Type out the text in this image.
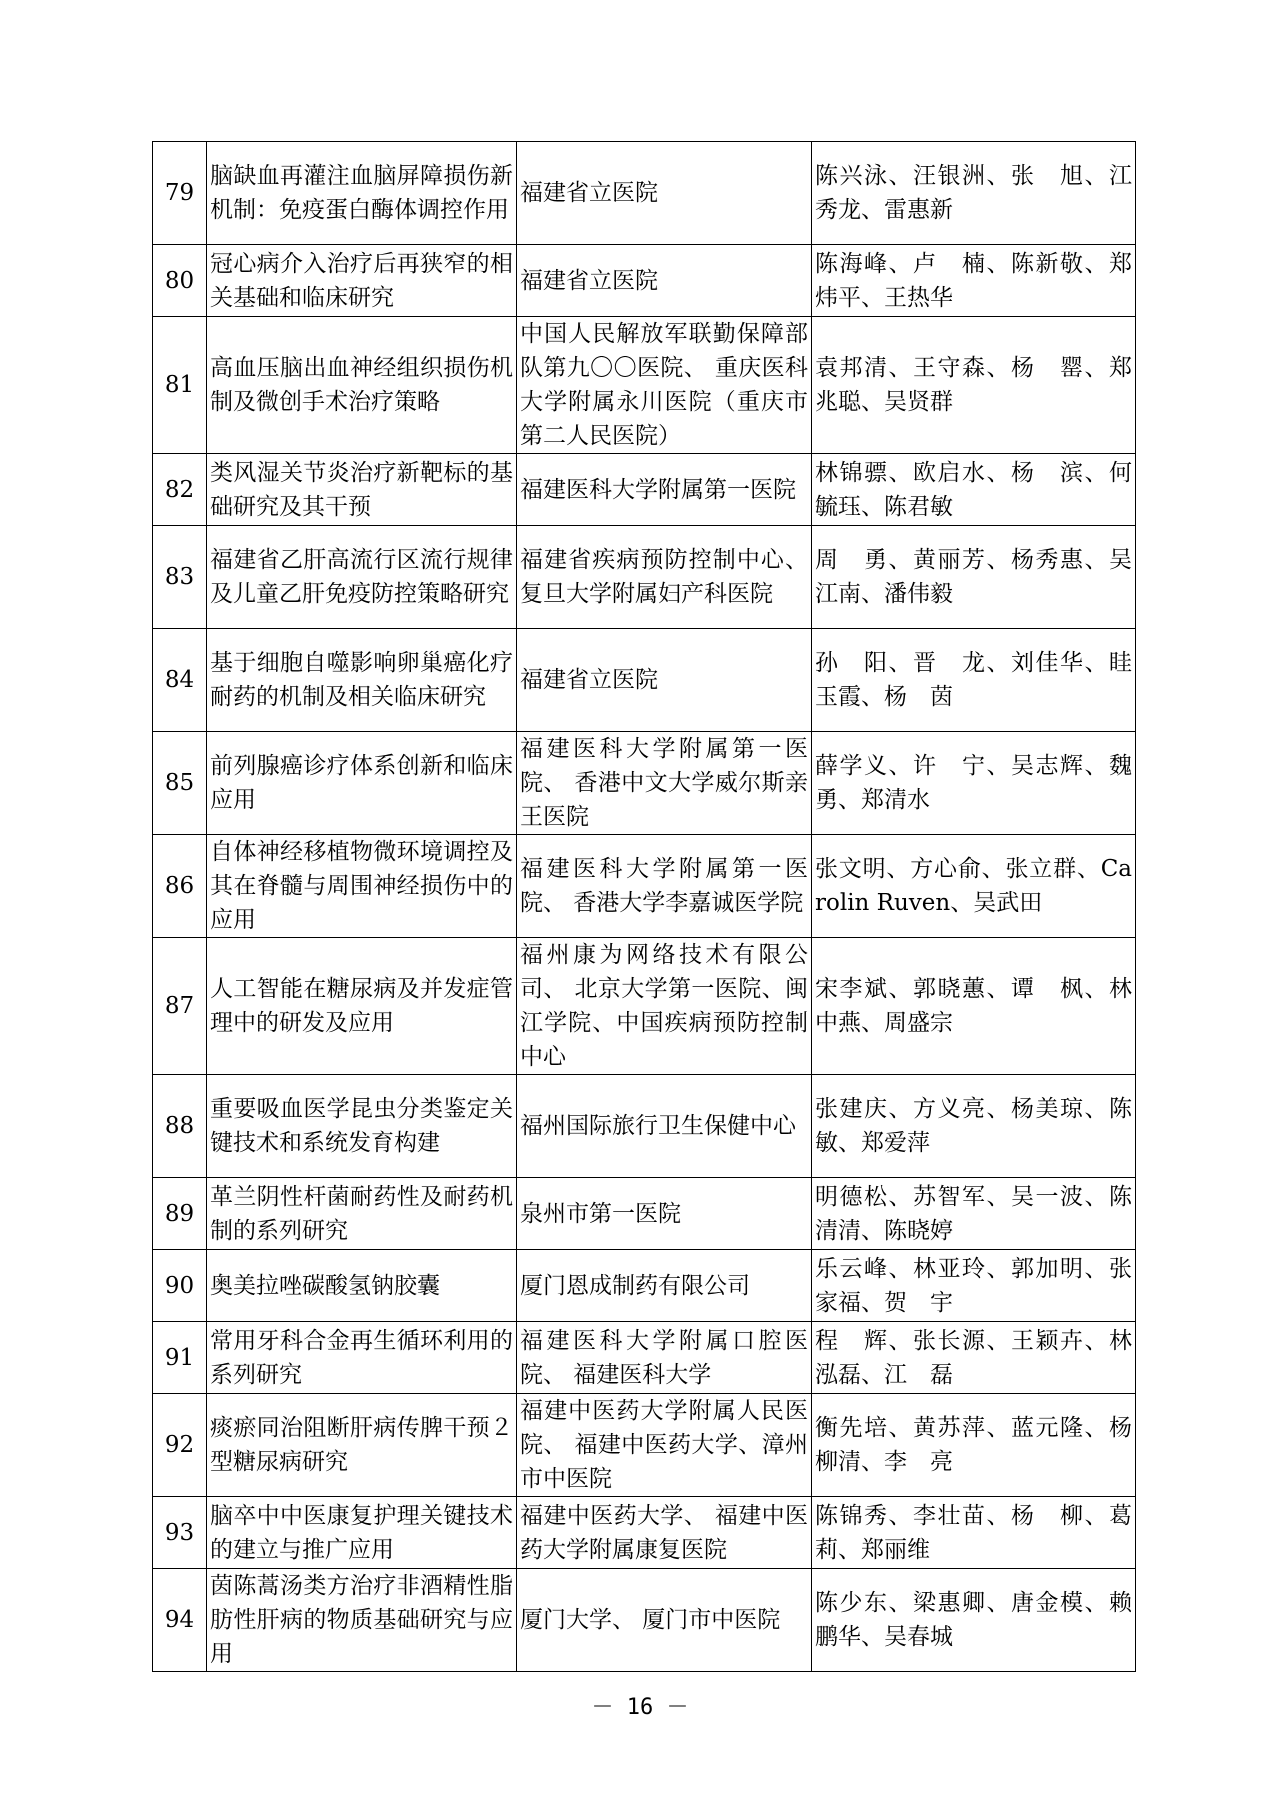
79	脑缺血再灌注血脑屏障损伤新机制：免疫蛋白酶体调控作用	福建省立医院	陈兴泳、汪银洲、张　旭、江秀龙、雷惠新
80	冠心病介入治疗后再狭窄的相关基础和临床研究	福建省立医院	陈海峰、卢　楠、陈新敬、郑炜平、王热华
81	高血压脑出血神经组织损伤机制及微创手术治疗策略	中国人民解放军联勤保障部队第九〇〇医院、 重庆医科大学附属永川医院（重庆市第二人民医院）	袁邦清、王守森、杨　罂、郑兆聪、吴贤群
82	类风湿关节炎治疗新靶标的基础研究及其干预	福建医科大学附属第一医院	林锦骠、欧启水、杨　滨、何毓珏、陈君敏
83	福建省乙肝高流行区流行规律及儿童乙肝免疫防控策略研究	福建省疾病预防控制中心、 复旦大学附属妇产科医院	周　勇、黄丽芳、杨秀惠、吴江南、潘伟毅
84	基于细胞自噬影响卵巢癌化疗耐药的机制及相关临床研究	福建省立医院	孙　阳、晋　龙、刘佳华、眭玉霞、杨　茵
85	前列腺癌诊疗体系创新和临床应用	福建医科大学附属第一医院、 香港中文大学威尔斯亲王医院	薛学义、许　宁、吴志辉、魏　勇、郑清水
86	自体神经移植物微环境调控及其在脊髓与周围神经损伤中的应用	福建医科大学附属第一医院、 香港大学李嘉诚医学院	张文明、方心俞、张立群、Carolin Ruven、吴武田
87	人工智能在糖尿病及并发症管理中的研发及应用	福州康为网络技术有限公司、 北京大学第一医院、闽江学院、中国疾病预防控制中心	宋李斌、郭晓蕙、谭　枫、林中燕、周盛宗
88	重要吸血医学昆虫分类鉴定关键技术和系统发育构建	福州国际旅行卫生保健中心	张建庆、方义亮、杨美琼、陈　敏、郑爱萍
89	革兰阴性杆菌耐药性及耐药机制的系列研究	泉州市第一医院	明德松、苏智军、吴一波、陈清清、陈晓婷
90	奥美拉唑碳酸氢钠胶囊	厦门恩成制药有限公司	乐云峰、林亚玲、郭加明、张家福、贺　宇
91	常用牙科合金再生循环利用的系列研究	福建医科大学附属口腔医院、 福建医科大学	程　辉、张长源、王颖卉、林泓磊、江　磊
92	痰瘀同治阻断肝病传脾干预２型糖尿病研究	福建中医药大学附属人民医院、 福建中医药大学、漳州市中医院	衡先培、黄苏萍、蓝元隆、杨柳清、李　亮
93	脑卒中中医康复护理关键技术的建立与推广应用	福建中医药大学、 福建中医药大学附属康复医院	陈锦秀、李壮苗、杨　柳、葛　莉、郑丽维
94	茵陈蒿汤类方治疗非酒精性脂肪性肝病的物质基础研究与应用	厦门大学、 厦门市中医院	陈少东、梁惠卿、唐金模、赖鹏华、吴春城
－ 16 －
